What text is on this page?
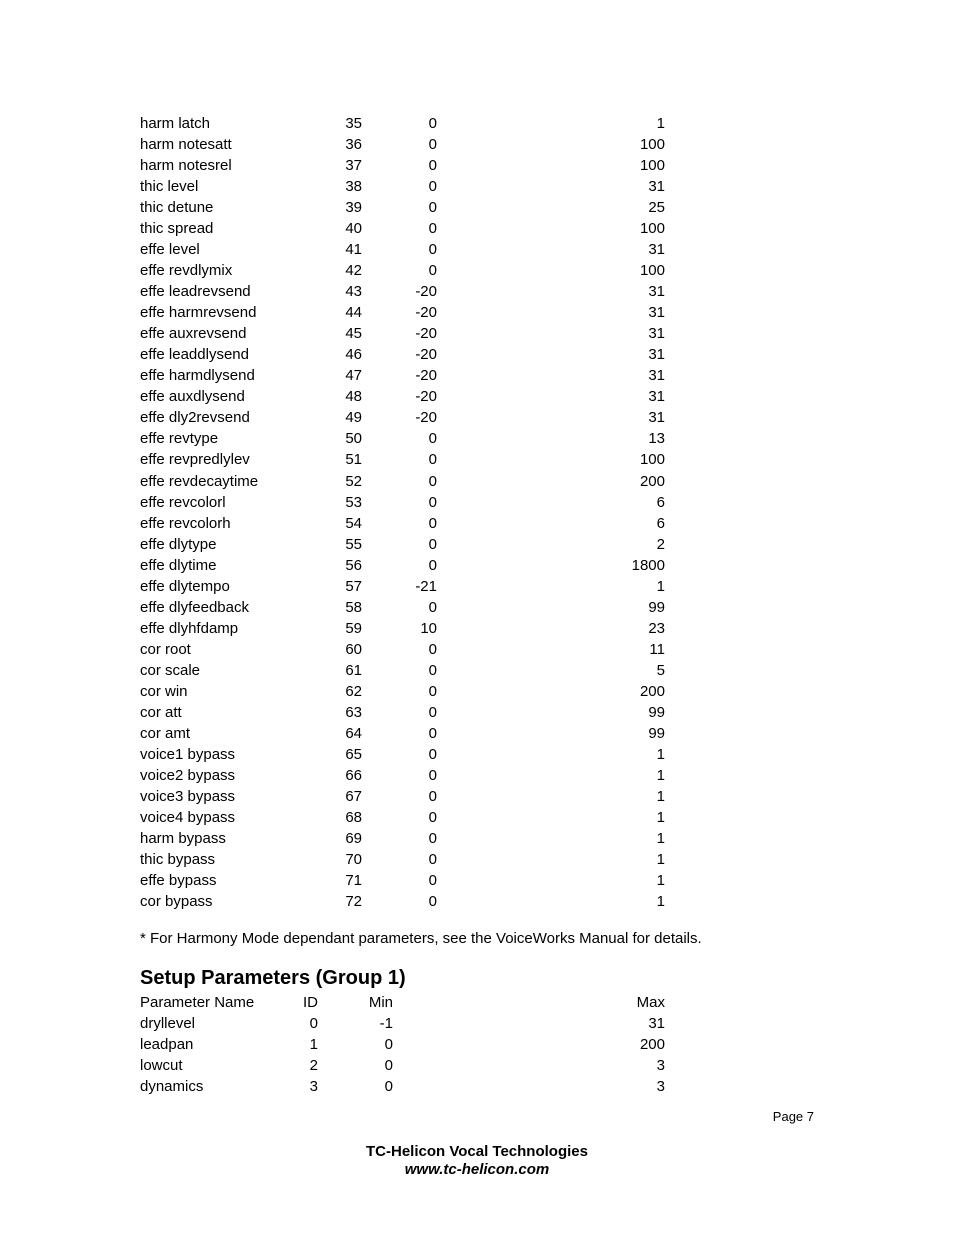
harm latch	35	0	1
harm notesatt	36	0	100
harm notesrel	37	0	100
thic level	38	0	31
thic detune	39	0	25
thic spread	40	0	100
effe level	41	0	31
effe revdlymix	42	0	100
effe leadrevsend	43	-20	31
effe harmrevsend	44	-20	31
effe auxrevsend	45	-20	31
effe leaddlysend	46	-20	31
effe harmdlysend	47	-20	31
effe auxdlysend	48	-20	31
effe dly2revsend	49	-20	31
effe revtype	50	0	13
effe revpredlylev	51	0	100
effe revdecaytime	52	0	200
effe revcolorl	53	0	6
effe revcolorh	54	0	6
effe dlytype	55	0	2
effe dlytime	56	0	1800
effe dlytempo	57	-21	1
effe dlyfeedback	58	0	99
effe dlyhfdamp	59	10	23
cor root	60	0	11
cor scale	61	0	5
cor win	62	0	200
cor att	63	0	99
cor amt	64	0	99
voice1 bypass	65	0	1
voice2 bypass	66	0	1
voice3 bypass	67	0	1
voice4 bypass	68	0	1
harm bypass	69	0	1
thic bypass	70	0	1
effe bypass	71	0	1
cor bypass	72	0	1
* For Harmony Mode dependant parameters, see the VoiceWorks Manual for details.
Setup Parameters (Group 1)
Parameter Name	ID	Min	Max
dryllevel	0	-1	31
leadpan	1	0	200
lowcut	2	0	3
dynamics	3	0	3
Page 7
TC-Helicon Vocal Technologies
www.tc-helicon.com
